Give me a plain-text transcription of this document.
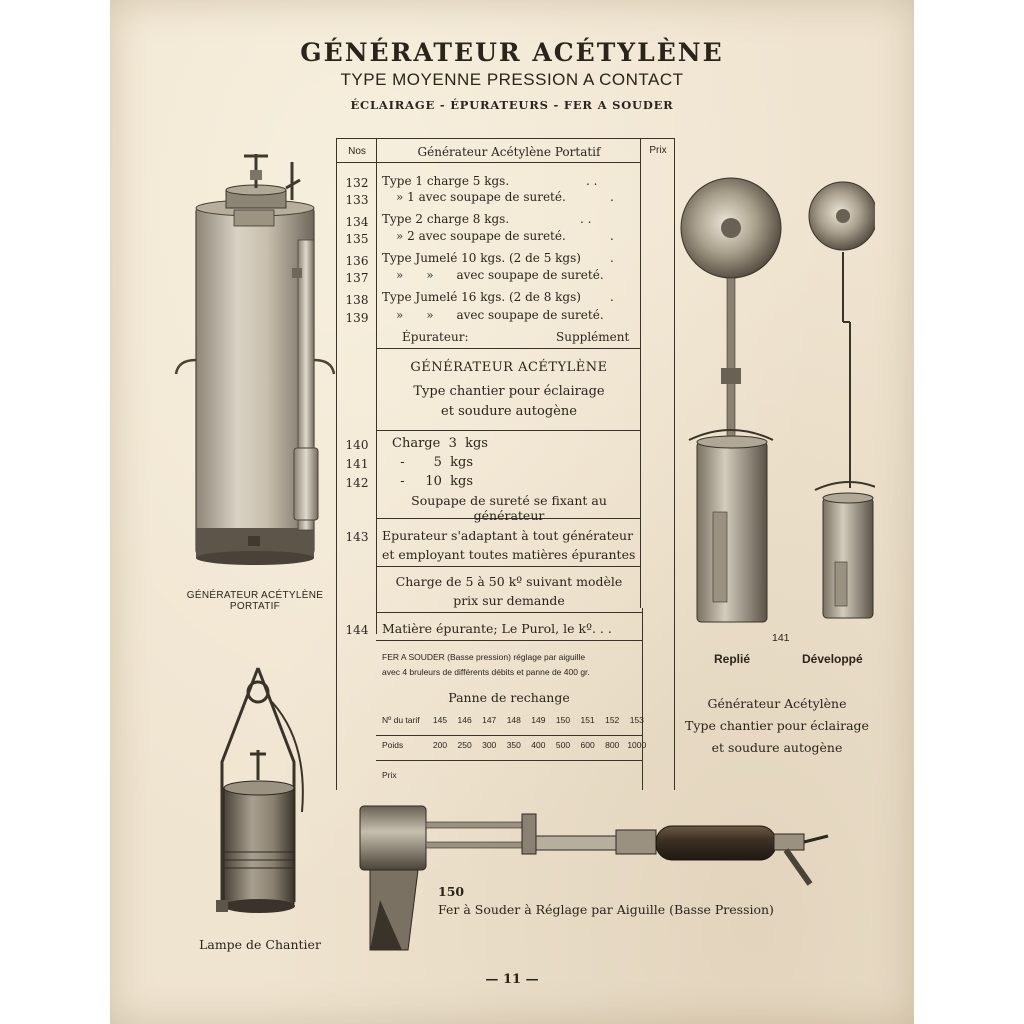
GÉNÉRATEUR ACÉTYLÈNE
TYPE MOYENNE PRESSION A CONTACT
ÉCLAIRAGE ‑ ÉPURATEURS ‑ FER A SOUDER
GÉNÉRATEUR ACÉTYLÈNE PORTATIF
Lampe de Chantier
Nos	Générateur Acétylène Portatif	Prix
132	Type 1 charge 5 kgs.	. .
133	» 1 avec soupape de sureté.	.
134	Type 2 charge 8 kgs.	. .
135	» 2 avec soupape de sureté.	.
136	Type Jumelé 10 kgs. (2 de 5 kgs) .
137	»      »      avec soupape de sureté.
138	Type Jumelé 16 kgs. (2 de 8 kgs) .
139	»      »      avec soupape de sureté.
Épurateur:	Supplément
GÉNÉRATEUR ACÉTYLÈNE
Type chantier pour éclairage
et soudure autogène
140	Charge  3  kgs
141	-       5  kgs
142	-     10  kgs
Soupape de sureté se fixant au générateur
143	Epurateur s'adaptant à tout générateur
et employant toutes matières épurantes
Charge de 5 à 50 kº suivant modèle
prix sur demande
144	Matière épurante; Le Purol, le kº. . .
FER A SOUDER (Basse pression) réglage par aiguille
avec 4 bruleurs de différents débits et panne de 400 gr.
Panne de rechange
Nº du tarif	145	146	147	148	149	150	151	152	153
Poids	200	250	300	350	400	500	600	800 1000
Prix
141
Replié	Développé
Générateur Acétylène
Type chantier pour éclairage
et soudure autogène
150
Fer à Souder à Réglage par Aiguille (Basse Pression)
— 11 —
